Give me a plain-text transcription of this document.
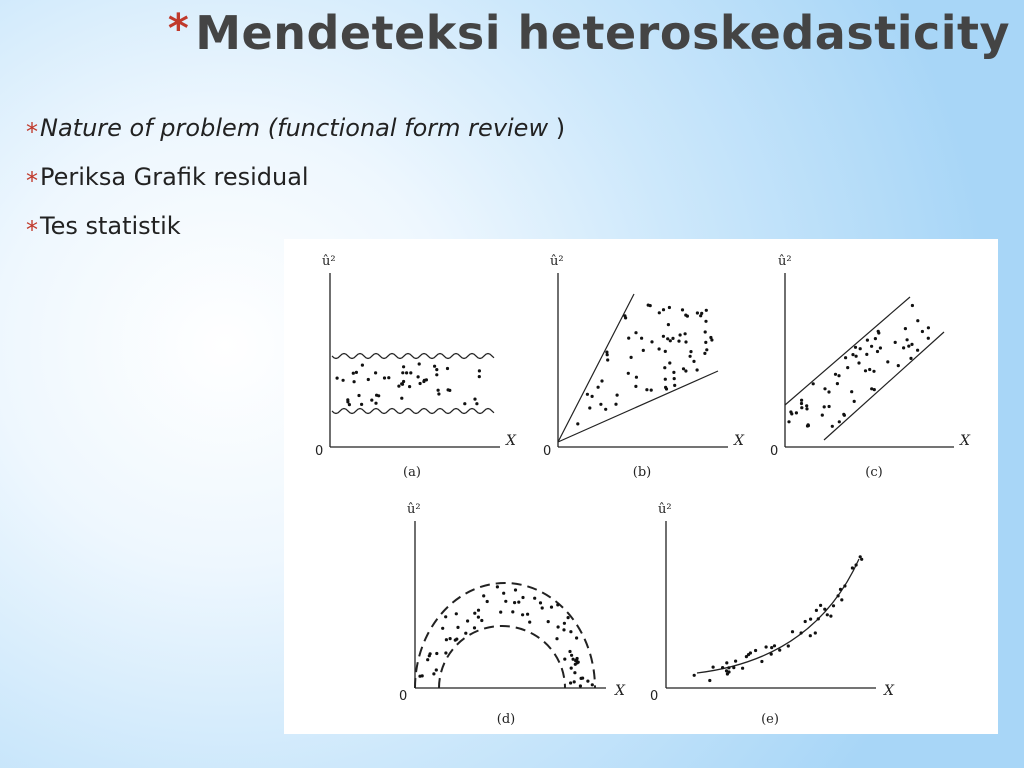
* Mendeteksi heteroskedasticity
*Nature of problem (functional form review )
*Periksa Grafik residual
*Tes statistik
û²
0
X
(a)
û²
0
X
(b)
û²
0
X
(c)
û²
0	X
(d)
û²
0	X
(e)
